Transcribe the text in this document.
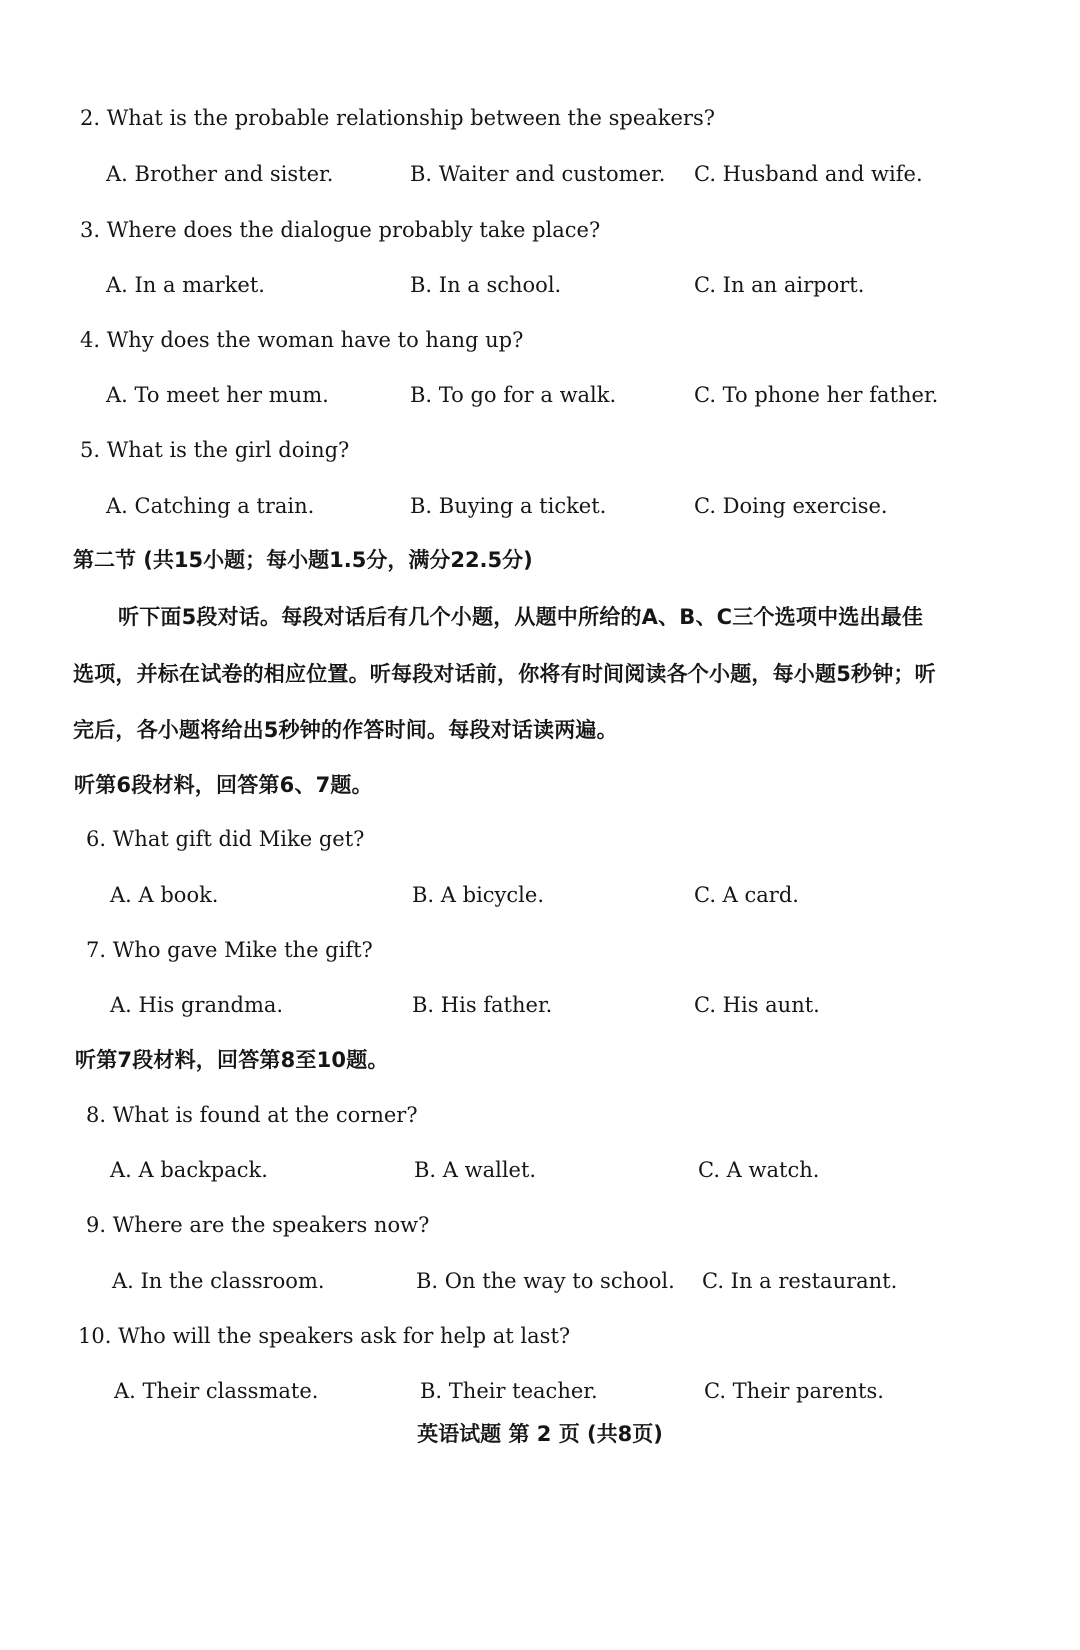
2. What is the probable relationship between the speakers?
A. Brother and sister.	B. Waiter and customer. C. Husband and wife.
3. Where does the dialogue probably take place?
A. In a market.	B. In a school.	C. In an airport.
4. Why does the woman have to hang up?
A. To meet her mum.	B. To go for a walk.	C. To phone her father.
5. What is the girl doing?
A. Catching a train.	B. Buying a ticket.	C. Doing exercise.
第二节 (共15小题；每小题1.5分，满分22.5分)
听下面5段对话。每段对话后有几个小题，从题中所给的A、B、C三个选项中选出最佳
选项，并标在试卷的相应位置。听每段对话前，你将有时间阅读各个小题，每小题5秒钟；听
完后，各小题将给出5秒钟的作答时间。每段对话读两遍。
听第6段材料，回答第6、7题。
6. What gift did Mike get?
A. A book.	B. A bicycle.	C. A card.
7. Who gave Mike the gift?
A. His grandma.	B. His father.	C. His aunt.
听第7段材料，回答第8至10题。
8. What is found at the corner?
A. A backpack.	B. A wallet.	C. A watch.
9. Where are the speakers now?
A. In the classroom.	B. On the way to school. C. In a restaurant.
10. Who will the speakers ask for help at last?
A. Their classmate.	B. Their teacher.	C. Their parents.
英语试题 第 2 页 (共8页)
